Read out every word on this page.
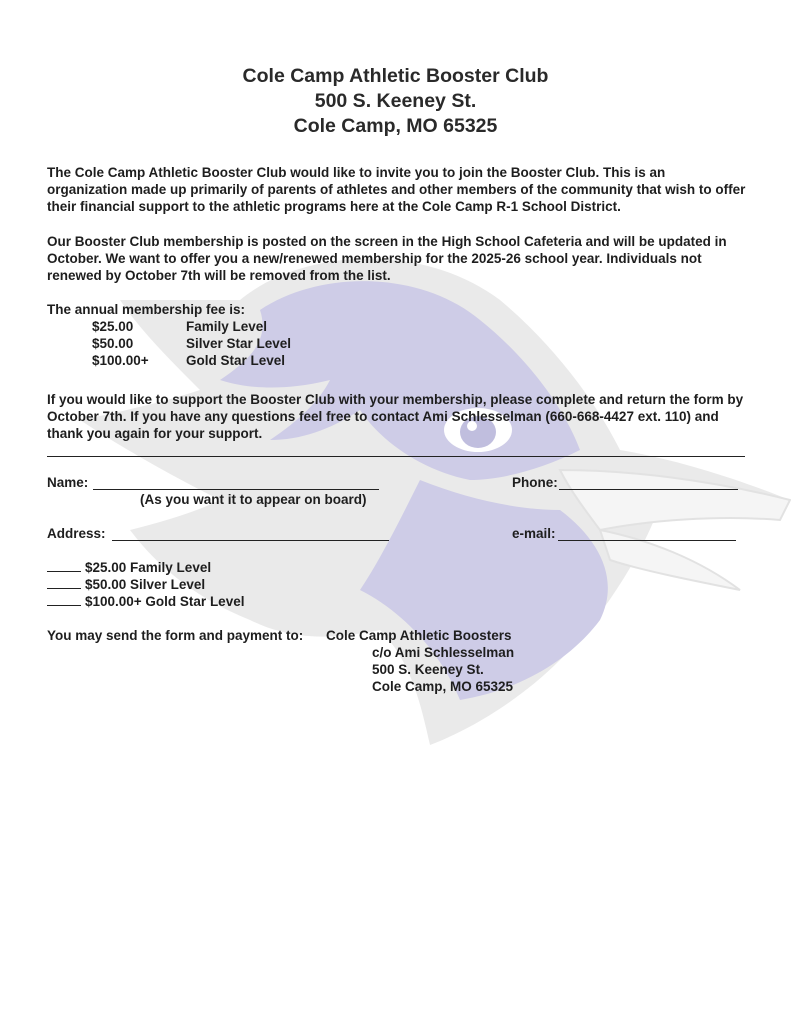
Cole Camp Athletic Booster Club
500 S. Keeney St.
Cole Camp, MO 65325

The Cole Camp Athletic Booster Club would like to invite you to join the Booster Club. This is an organization made up primarily of parents of athletes and other members of the community that wish to offer their financial support to the athletic programs here at the Cole Camp R-1 School District.

Our Booster Club membership is posted on the screen in the High School Cafeteria and will be updated in October. We want to offer you a new/renewed membership for the 2025-26 school year. Individuals not renewed by October 7th will be removed from the list.

The annual membership fee is:
$25.00	Family Level
$50.00	Silver Star Level
$100.00+	Gold Star Level

If you would like to support the Booster Club with your membership, please complete and return the form by October 7th. If you have any questions feel free to contact Ami Schlesselman (660-668-4427 ext. 110) and thank you again for your support.

Name:
(As you want it to appear on board)
Phone:
Address:	e-mail:
$25.00 Family Level
$50.00 Silver Level
$100.00+ Gold Star Level
You may send the form and payment to: Cole Camp Athletic Boosters
c/o Ami Schlesselman
500 S. Keeney St.
Cole Camp, MO 65325
